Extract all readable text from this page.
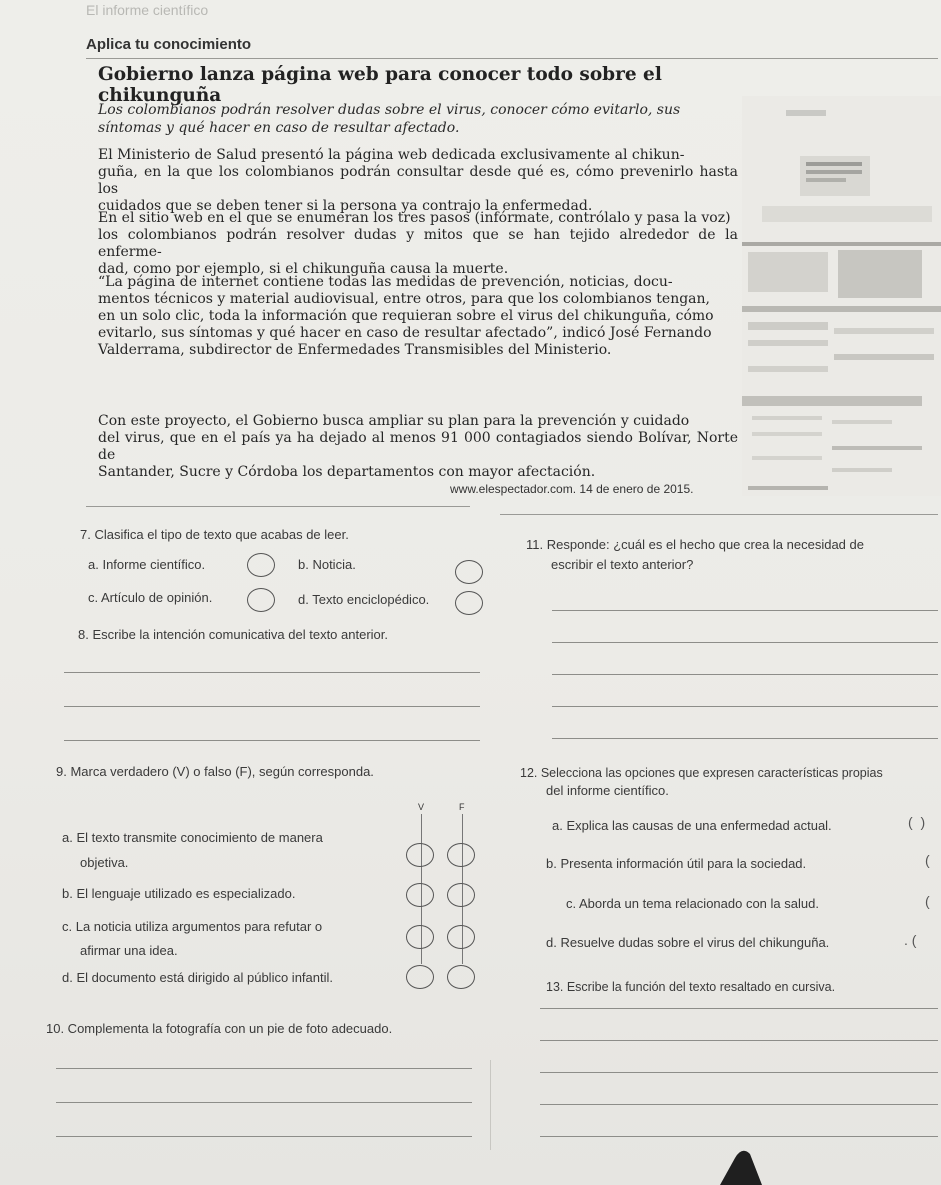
El informe científico
Aplica tu conocimiento
Gobierno lanza página web para conocer todo sobre el chikunguña
Los colombianos podrán resolver dudas sobre el virus, conocer cómo evitarlo, sus síntomas y qué hacer en caso de resultar afectado.
El Ministerio de Salud presentó la página web dedicada exclusivamente al chikun-
guña, en la que los colombianos podrán consultar desde qué es, cómo prevenirlo hasta los
cuidados que se deben tener si la persona ya contrajo la enfermedad.
En el sitio web en el que se enumeran los tres pasos (infórmate, contrólalo y pasa la voz)
los colombianos podrán resolver dudas y mitos que se han tejido alrededor de la enferme-
dad, como por ejemplo, si el chikunguña causa la muerte.
“La página de internet contiene todas las medidas de prevención, noticias, docu-
mentos técnicos y material audiovisual, entre otros, para que los colombianos tengan,
en un solo clic, toda la información que requieran sobre el virus del chikunguña, cómo
evitarlo, sus síntomas y qué hacer en caso de resultar afectado”, indicó José Fernando
Valderrama, subdirector de Enfermedades Transmisibles del Ministerio.
Con este proyecto, el Gobierno busca ampliar su plan para la prevención y cuidado
del virus, que en el país ya ha dejado al menos 91 000 contagiados siendo Bolívar, Norte de
Santander, Sucre y Córdoba los departamentos con mayor afectación.
www.elespectador.com. 14 de enero de 2015.
7. Clasifica el tipo de texto que acabas de leer.
a. Informe científico.	b. Noticia.
c. Artículo de opinión.	d. Texto enciclopédico.
8. Escribe la intención comunicativa del texto anterior.
9. Marca verdadero (V) o falso (F), según corresponda.
V	F
a. El texto transmite conocimiento de manera
objetiva.
b. El lenguaje utilizado es especializado.
c. La noticia utiliza argumentos para refutar o
afirmar una idea.
d. El documento está dirigido al público infantil.
10. Complementa la fotografía con un pie de foto adecuado.
11. Responde: ¿cuál es el hecho que crea la necesidad de
escribir el texto anterior?
12. Selecciona las opciones que expresen características propias
del informe científico.
a. Explica las causas de una enfermedad actual.	(  )
b. Presenta información útil para la sociedad.	(
c. Aborda un tema relacionado con la salud.	(
d. Resuelve dudas sobre el virus del chikunguña.	. (
13. Escribe la función del texto resaltado en cursiva.
